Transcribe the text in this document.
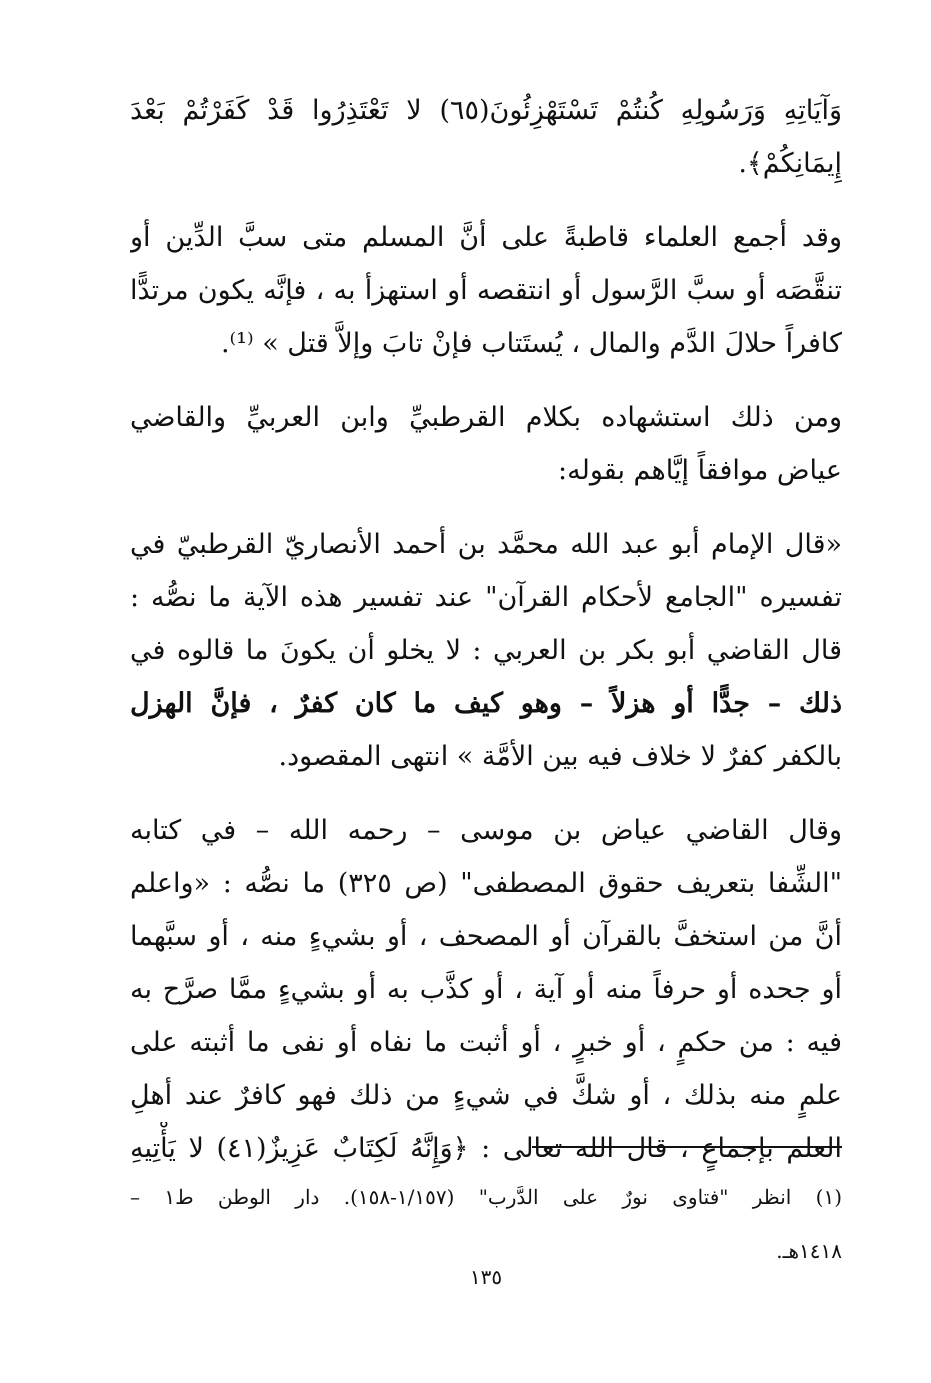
وَآيَاتِهِ وَرَسُولِهِ كُنتُمْ تَسْتَهْزِئُونَ(٦٥) لا تَعْتَذِرُوا قَدْ كَفَرْتُمْ بَعْدَ
إِيمَانِكُمْ﴾.
وقد أجمع العلماء قاطبةً على أنَّ المسلم متى سبَّ الدِّين أو
تنقَّصَه أو سبَّ الرَّسول أو انتقصه أو استهزأ به ، فإنَّه يكون مرتدًّا
كافراً حلالَ الدَّم والمال ، يُستَتاب فإنْ تابَ وإلاَّ قتل » ⁽¹⁾.
ومن ذلك استشهاده بكلام القرطبيِّ وابن العربيِّ والقاضي
عياض موافقاً إيَّاهم بقوله:
«قال الإمام أبو عبد الله محمَّد بن أحمد الأنصاريّ القرطبيّ في
تفسيره "الجامع لأحكام القرآن" عند تفسير هذه الآية ما نصُّه :
قال القاضي أبو بكر بن العربي : لا يخلو أن يكونَ ما قالوه في
ذلك – جدًّا أو هزلاً – وهو كيف ما كان كفرٌ ، فإنَّ الهزل
بالكفر كفرٌ لا خلاف فيه بين الأمَّة » انتهى المقصود.
وقال القاضي عياض بن موسى – رحمه الله – في كتابه
"الشِّفا بتعريف حقوق المصطفى" (ص ٣٢٥) ما نصُّه : «واعلم
أنَّ من استخفَّ بالقرآن أو المصحف ، أو بشيءٍ منه ، أو سبَّهما
أو جحده أو حرفاً منه أو آية ، أو كذَّب به أو بشيءٍ ممَّا صرَّح به
فيه : من حكمٍ ، أو خبرٍ ، أو أثبت ما نفاه أو نفى ما أثبته على
علمٍ منه بذلك ، أو شكَّ في شيءٍ من ذلك فهو كافرٌ عند أهلِ
العلم بإجماعٍ ، قال الله تعالى : ﴿وَإِنَّهُ لَكِتَابٌ عَزِيزٌ(٤١) لا يَأْتِيهِ
(١) انظر "فتاوى نورٌ على الدَّرب" (١/١٥٧-١٥٨). دار الوطن ط١ –
١٤١٨هـ.
١٣٥
